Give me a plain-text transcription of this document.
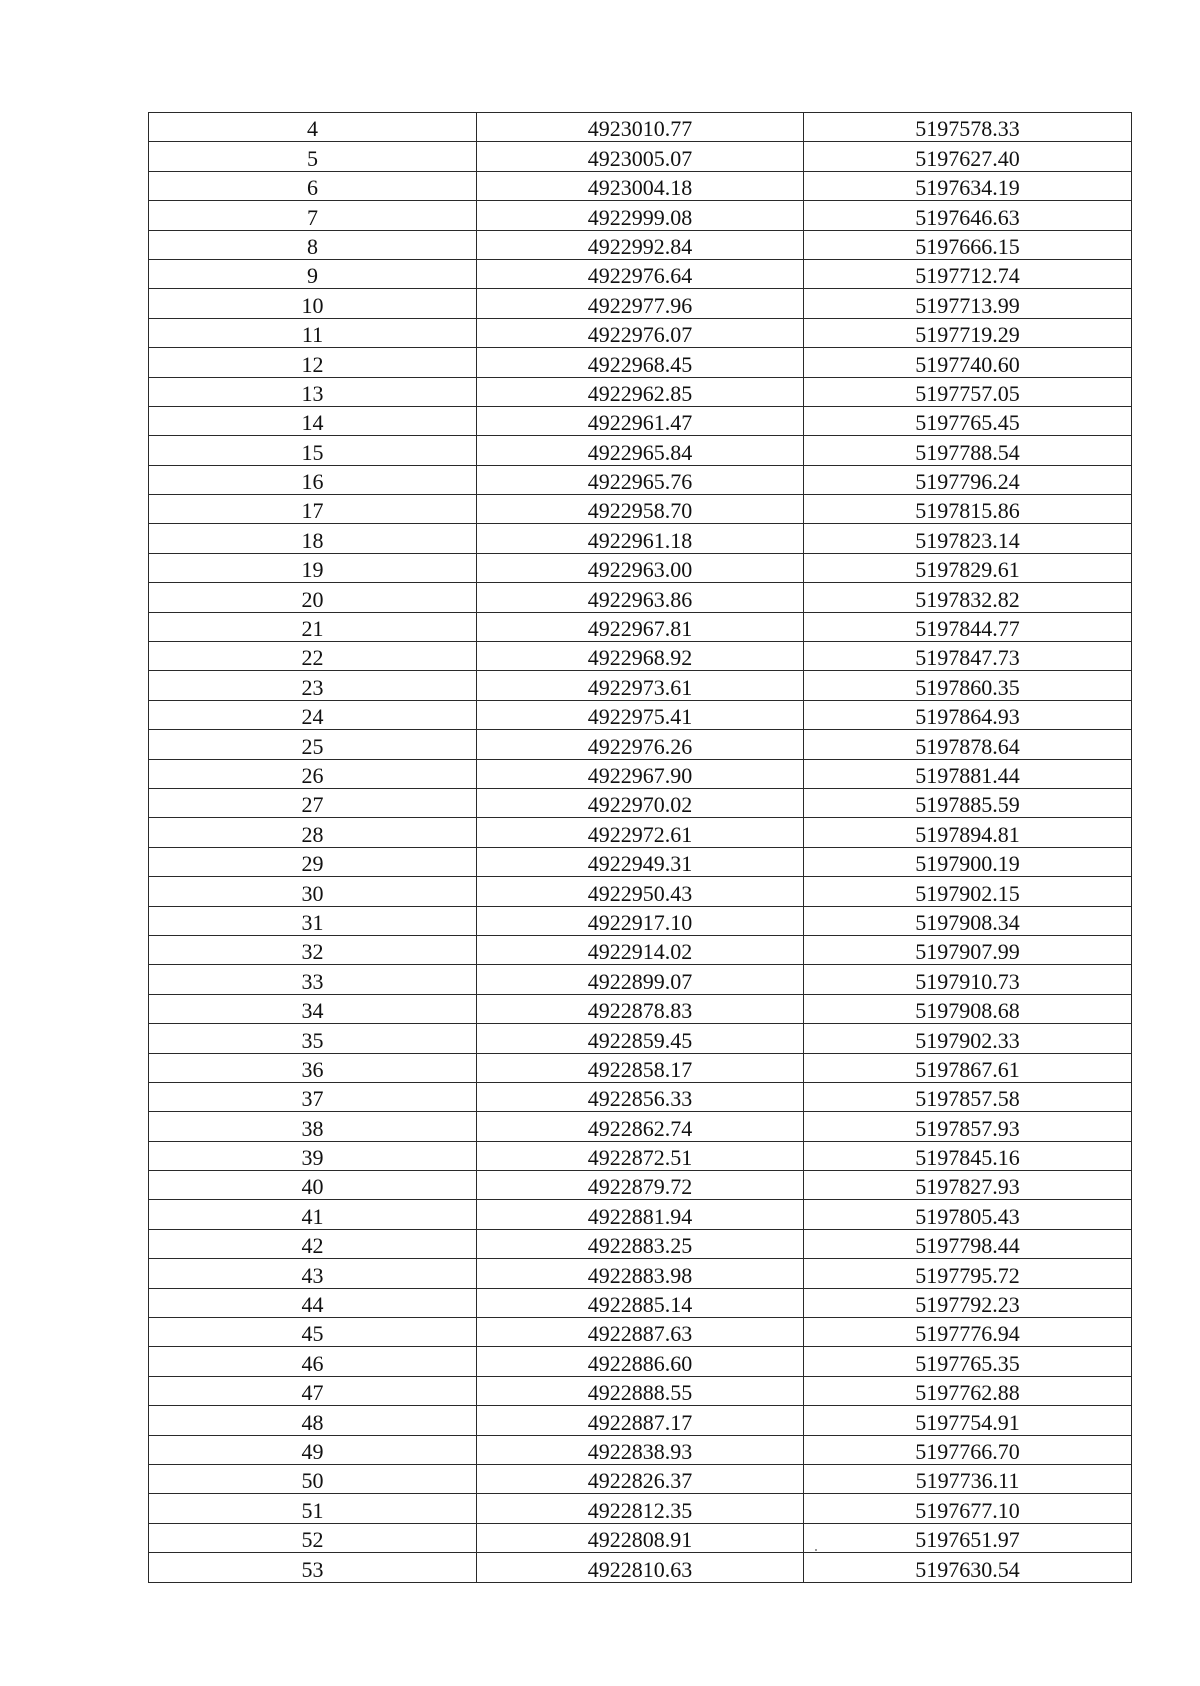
4	4923010.77	5197578.33
5	4923005.07	5197627.40
6	4923004.18	5197634.19
7	4922999.08	5197646.63
8	4922992.84	5197666.15
9	4922976.64	5197712.74
10	4922977.96	5197713.99
11	4922976.07	5197719.29
12	4922968.45	5197740.60
13	4922962.85	5197757.05
14	4922961.47	5197765.45
15	4922965.84	5197788.54
16	4922965.76	5197796.24
17	4922958.70	5197815.86
18	4922961.18	5197823.14
19	4922963.00	5197829.61
20	4922963.86	5197832.82
21	4922967.81	5197844.77
22	4922968.92	5197847.73
23	4922973.61	5197860.35
24	4922975.41	5197864.93
25	4922976.26	5197878.64
26	4922967.90	5197881.44
27	4922970.02	5197885.59
28	4922972.61	5197894.81
29	4922949.31	5197900.19
30	4922950.43	5197902.15
31	4922917.10	5197908.34
32	4922914.02	5197907.99
33	4922899.07	5197910.73
34	4922878.83	5197908.68
35	4922859.45	5197902.33
36	4922858.17	5197867.61
37	4922856.33	5197857.58
38	4922862.74	5197857.93
39	4922872.51	5197845.16
40	4922879.72	5197827.93
41	4922881.94	5197805.43
42	4922883.25	5197798.44
43	4922883.98	5197795.72
44	4922885.14	5197792.23
45	4922887.63	5197776.94
46	4922886.60	5197765.35
47	4922888.55	5197762.88
48	4922887.17	5197754.91
49	4922838.93	5197766.70
50	4922826.37	5197736.11
51	4922812.35	5197677.10
52	4922808.91	5197651.97
53	4922810.63	5197630.54
